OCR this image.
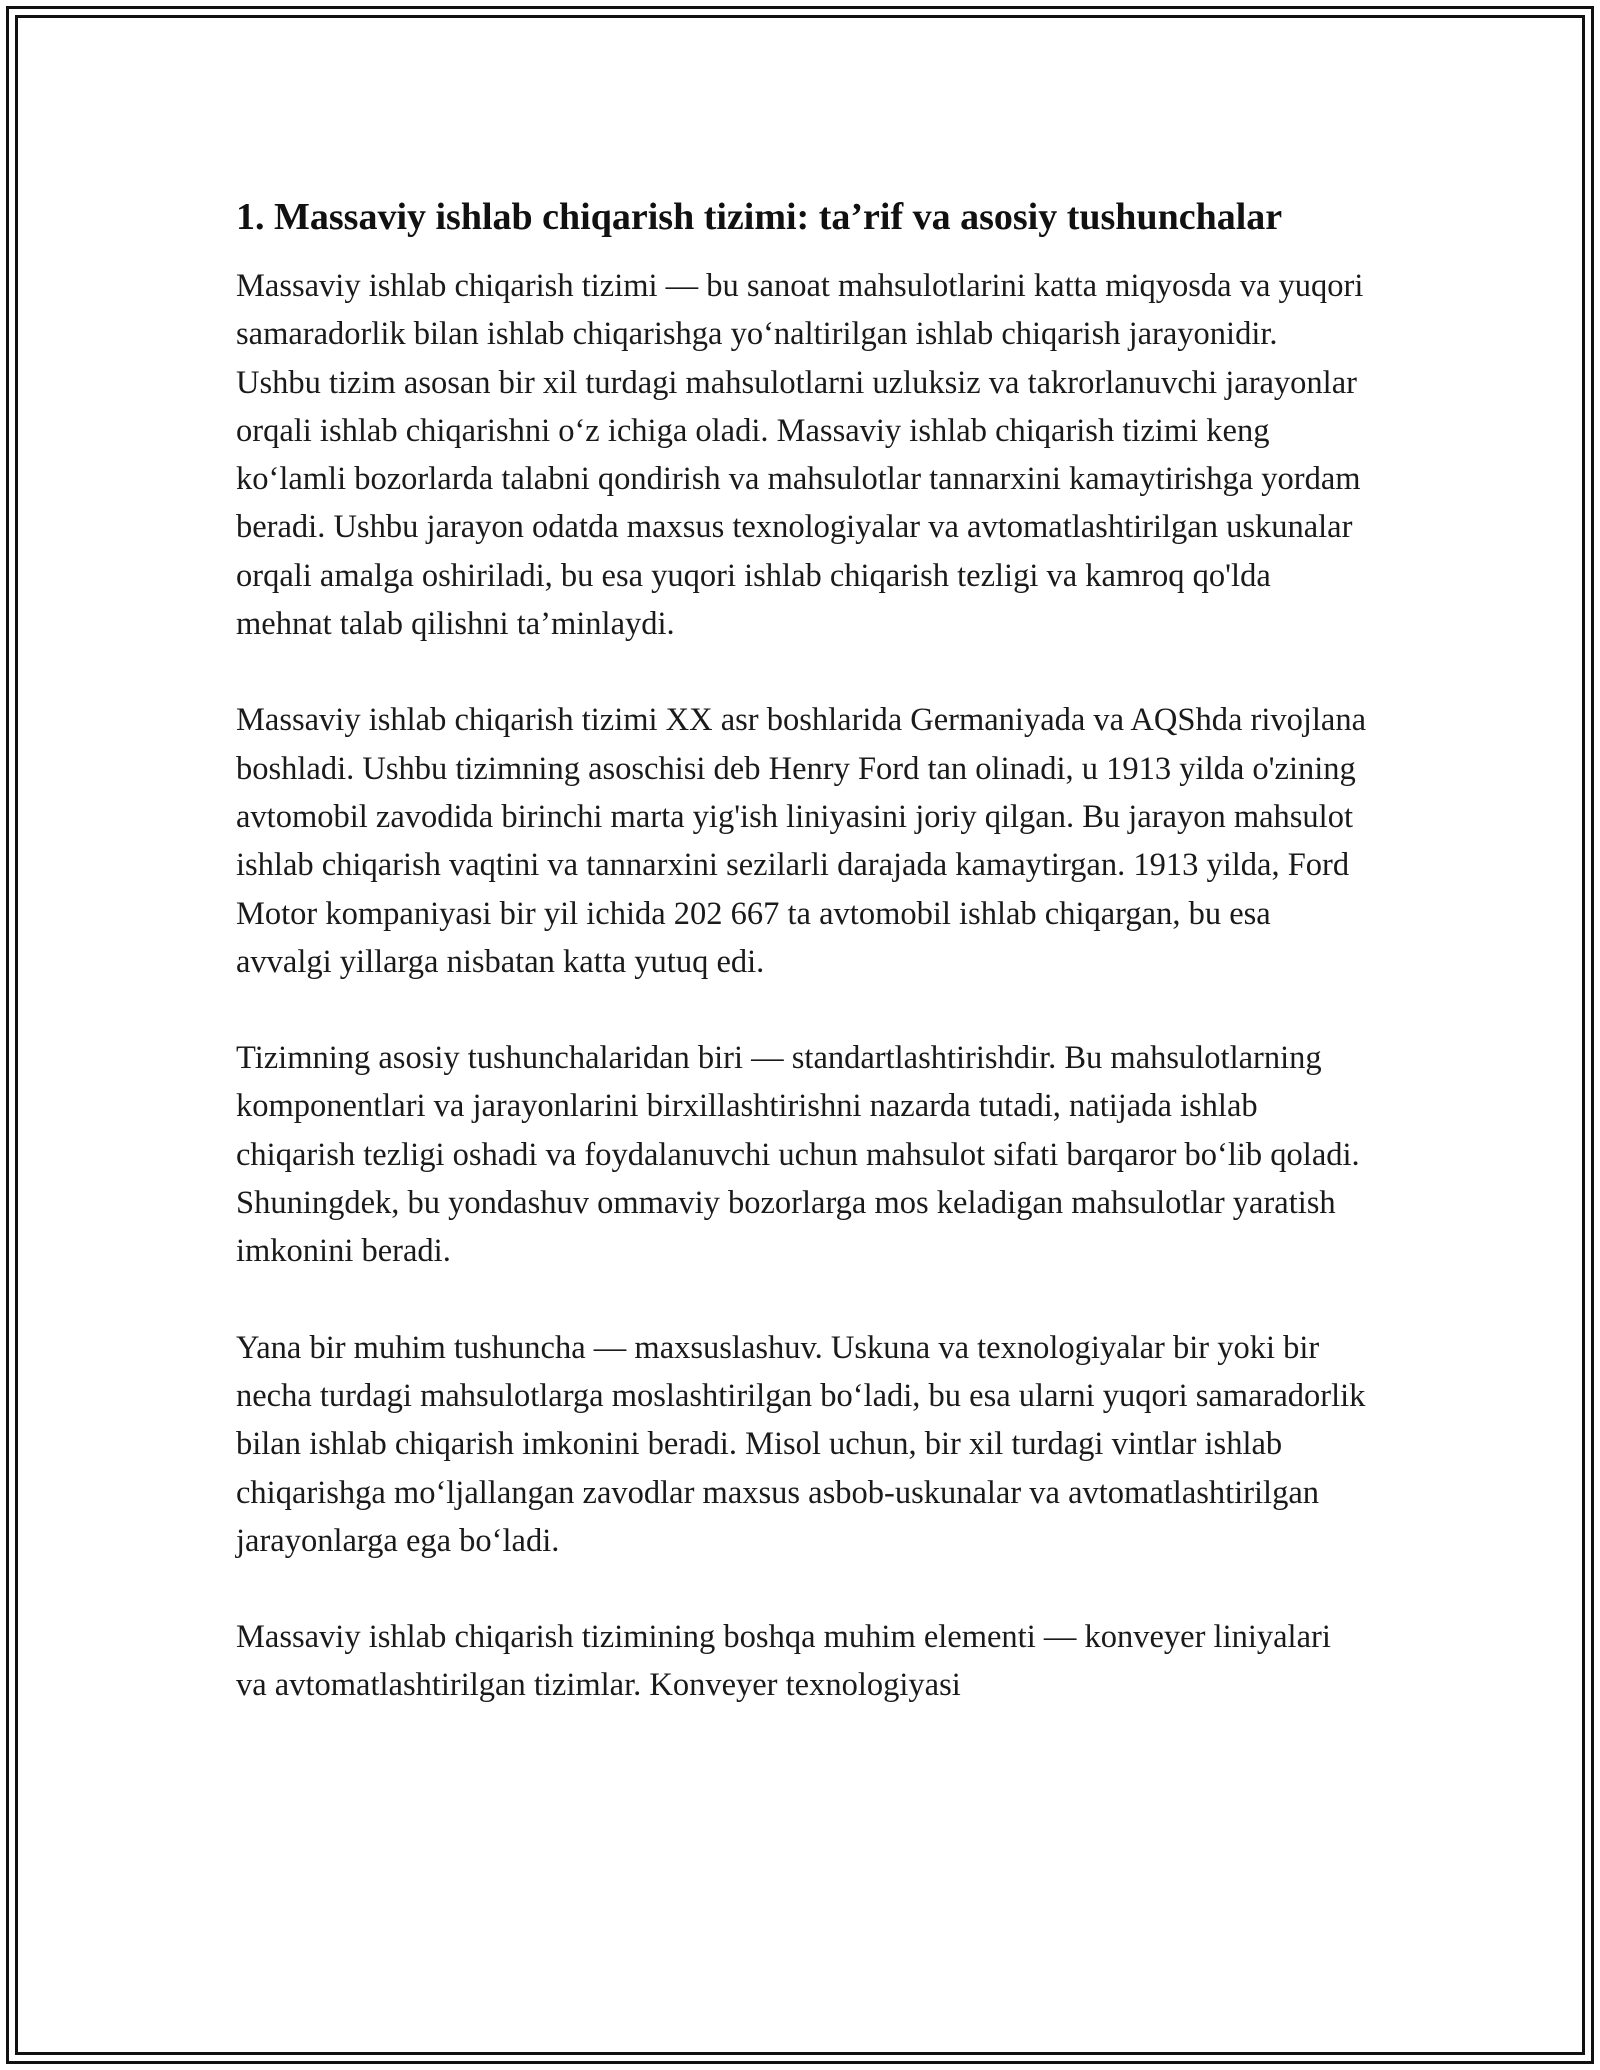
1. Massaviy ishlab chiqarish tizimi: ta’rif va asosiy tushunchalar

Massaviy ishlab chiqarish tizimi — bu sanoat mahsulotlarini katta miqyosda va yuqori samaradorlik bilan ishlab chiqarishga yo‘naltirilgan ishlab chiqarish jarayonidir. Ushbu tizim asosan bir xil turdagi mahsulotlarni uzluksiz va takrorlanuvchi jarayonlar orqali ishlab chiqarishni o‘z ichiga oladi. Massaviy ishlab chiqarish tizimi keng ko‘lamli bozorlarda talabni qondirish va mahsulotlar tannarxini kamaytirishga yordam beradi. Ushbu jarayon odatda maxsus texnologiyalar va avtomatlashtirilgan uskunalar orqali amalga oshiriladi, bu esa yuqori ishlab chiqarish tezligi va kamroq qo'lda mehnat talab qilishni ta’minlaydi.

Massaviy ishlab chiqarish tizimi XX asr boshlarida Germaniyada va AQShda rivojlana boshladi. Ushbu tizimning asoschisi deb Henry Ford tan olinadi, u 1913 yilda o'zining avtomobil zavodida birinchi marta yig'ish liniyasini joriy qilgan. Bu jarayon mahsulot ishlab chiqarish vaqtini va tannarxini sezilarli darajada kamaytirgan. 1913 yilda, Ford Motor kompaniyasi bir yil ichida 202 667 ta avtomobil ishlab chiqargan, bu esa avvalgi yillarga nisbatan katta yutuq edi.

Tizimning asosiy tushunchalaridan biri — standartlashtirishdir. Bu mahsulotlarning komponentlari va jarayonlarini birxillashtirishni nazarda tutadi, natijada ishlab chiqarish tezligi oshadi va foydalanuvchi uchun mahsulot sifati barqaror bo‘lib qoladi. Shuningdek, bu yondashuv ommaviy bozorlarga mos keladigan mahsulotlar yaratish imkonini beradi.

Yana bir muhim tushuncha — maxsuslashuv. Uskuna va texnologiyalar bir yoki bir necha turdagi mahsulotlarga moslashtirilgan bo‘ladi, bu esa ularni yuqori samaradorlik bilan ishlab chiqarish imkonini beradi. Misol uchun, bir xil turdagi vintlar ishlab chiqarishga mo‘ljallangan zavodlar maxsus asbob-uskunalar va avtomatlashtirilgan jarayonlarga ega bo‘ladi.

Massaviy ishlab chiqarish tizimining boshqa muhim elementi — konveyer liniyalari va avtomatlashtirilgan tizimlar. Konveyer texnologiyasi
